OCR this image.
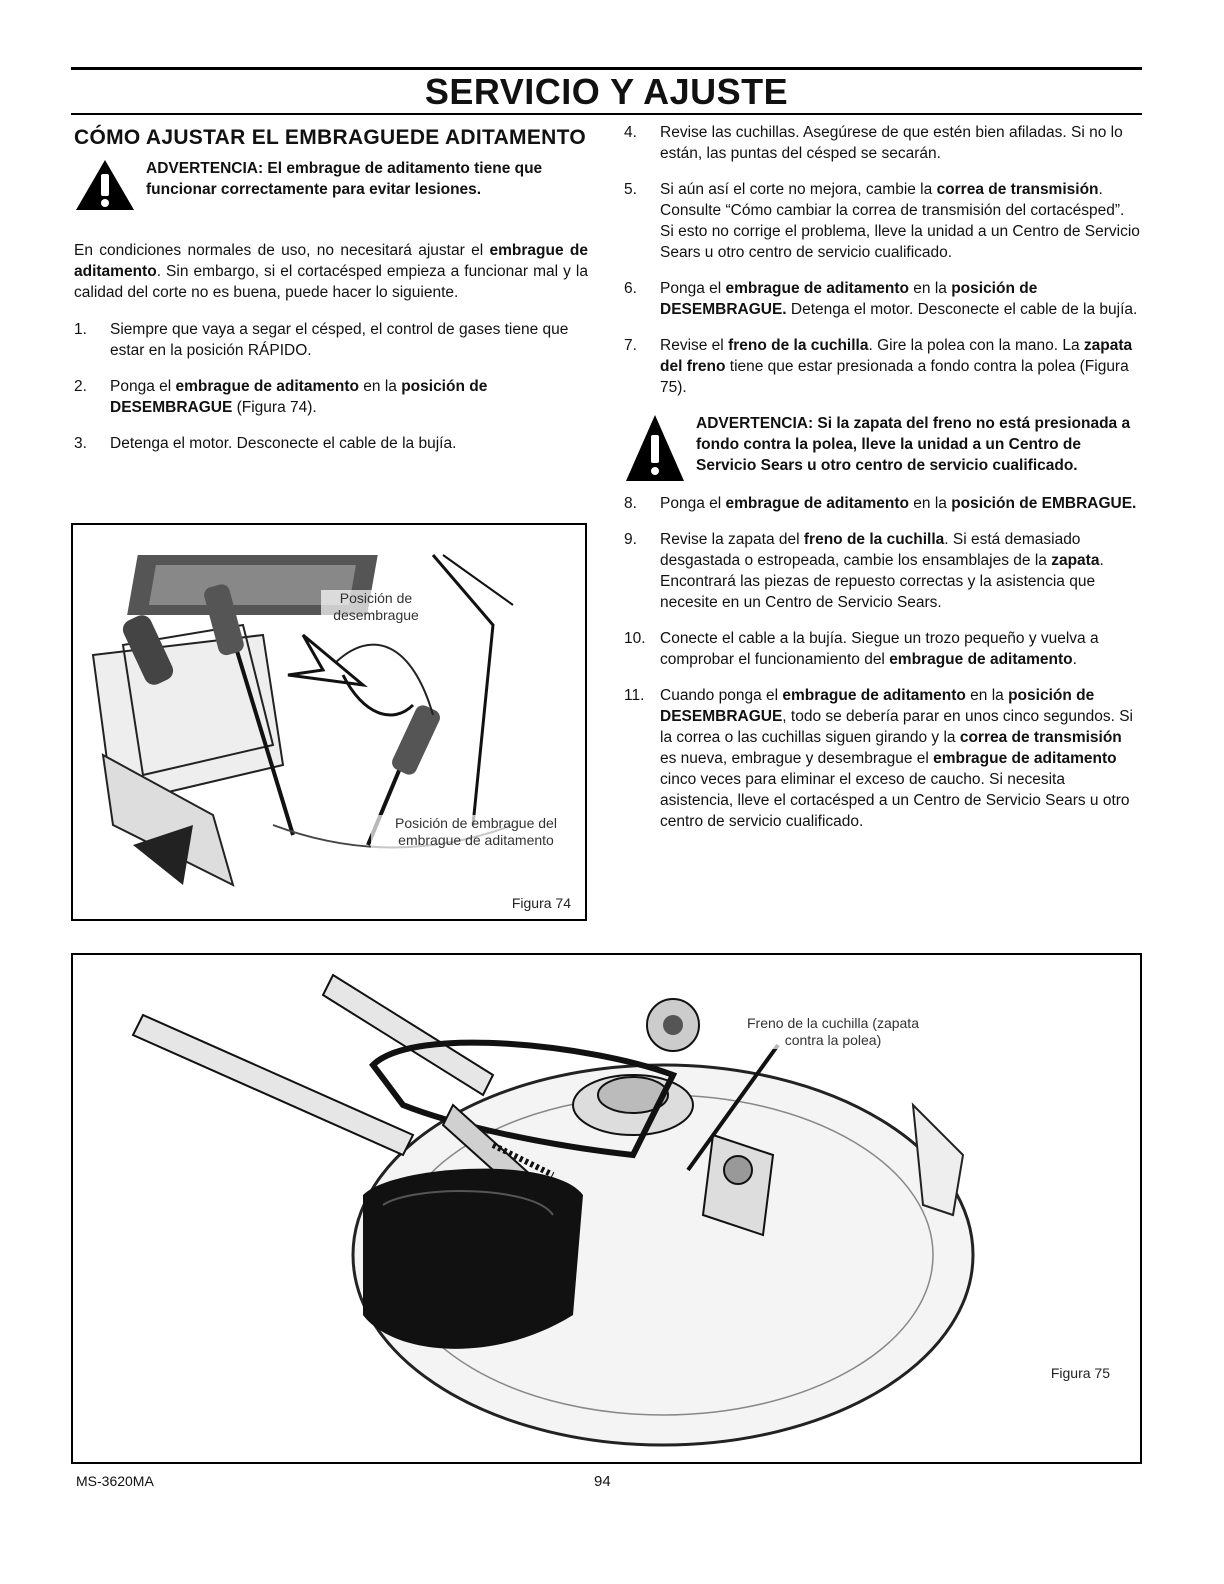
SERVICIO Y AJUSTE
CÓMO AJUSTAR EL EMBRAGUEDE ADITAMENTO
ADVERTENCIA: El embrague de aditamento tiene que funcionar correctamente para evitar lesiones.

En condiciones normales de uso, no necesitará ajustar el embrague de aditamento. Sin embargo, si el cortacésped empieza a funcionar mal y la calidad del corte no es buena, puede hacer lo siguiente.

1.	Siempre que vaya a segar el césped, el control de gases tiene que estar en la posición RÁPIDO.
2.	Ponga el embrague de aditamento en la posición de DESEMBRAGUE (Figura 74).
3.	Detenga el motor. Desconecte el cable de la bujía.
Posición de desembrague
Posición de embrague del embrague de aditamento
Figura 74
4.	Revise las cuchillas. Asegúrese de que estén bien afiladas. Si no lo están, las puntas del césped se secarán.
5.	Si aún así el corte no mejora, cambie la correa de transmisión. Consulte “Cómo cambiar la correa de transmisión del cortacésped”. Si esto no corrige el problema, lleve la unidad a un Centro de Servicio Sears u otro centro de servicio cualificado.
6.	Ponga el embrague de aditamento en la posición de DESEMBRAGUE. Detenga el motor. Desconecte el cable de la bujía.
7.	Revise el freno de la cuchilla. Gire la polea con la mano. La zapata del freno tiene que estar presionada a fondo contra la polea (Figura 75).
ADVERTENCIA: Si la zapata del freno no está presionada a fondo contra la polea, lleve la unidad a un Centro de Servicio Sears u otro centro de servicio cualificado.
8.	Ponga el embrague de aditamento en la posición de EMBRAGUE.
9.	Revise la zapata del freno de la cuchilla. Si está demasiado desgastada o estropeada, cambie los ensamblajes de la zapata. Encontrará las piezas de repuesto correctas y la asistencia que necesite en un Centro de Servicio Sears.
10. Conecte el cable a la bujía. Siegue un trozo pequeño y vuelva a comprobar el funcionamiento del embrague de aditamento.
11.	Cuando ponga el embrague de aditamento en la posición de DESEMBRAGUE, todo se debería parar en unos cinco segundos. Si la correa o las cuchillas siguen girando y la correa de transmisión es nueva, embrague y desembrague el embrague de aditamento cinco veces para eliminar el exceso de caucho. Si necesita asistencia, lleve el cortacésped a un Centro de Servicio Sears u otro centro de servicio cualificado.
Freno de la cuchilla (zapata contra la polea)
Figura 75
MS-3620MA	94
